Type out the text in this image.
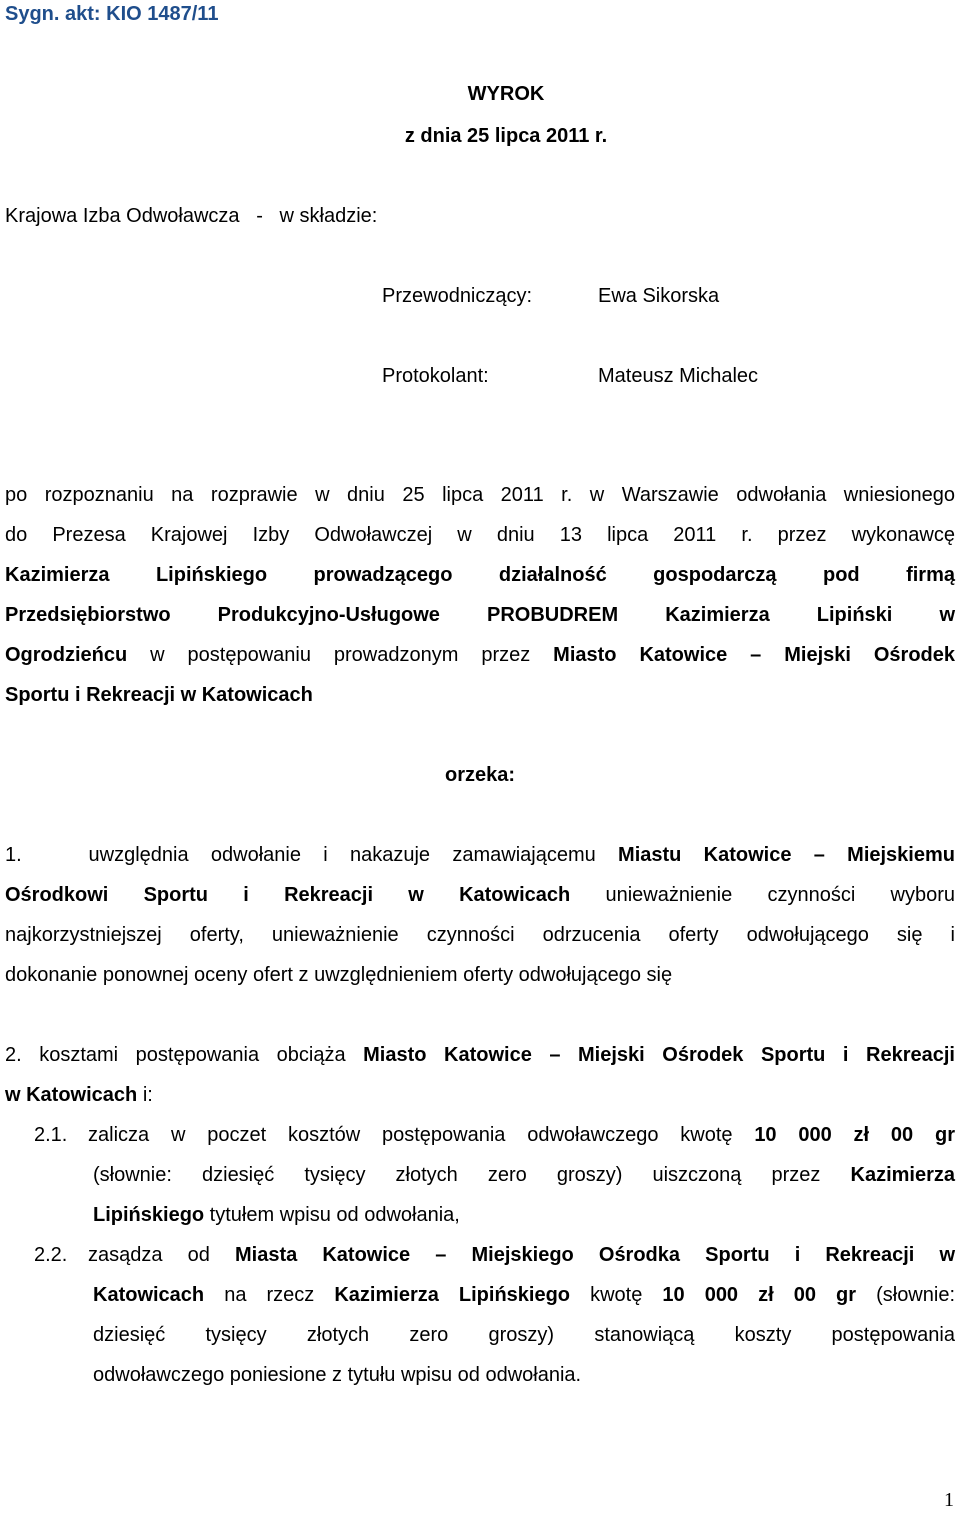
Sygn. akt: KIO 1487/11
WYROK
z dnia 25 lipca 2011 r.
Krajowa Izba Odwoławcza   -   w składzie:
Przewodniczący:	Ewa Sikorska
Protokolant:	Mateusz Michalec
po rozpoznaniu na rozprawie w dniu 25 lipca 2011 r. w Warszawie odwołania wniesionego
do Prezesa Krajowej Izby Odwoławczej w dniu 13 lipca 2011 r. przez wykonawcę
Kazimierza Lipińskiego prowadzącego działalność gospodarczą pod firmą
Przedsiębiorstwo Produkcyjno-Usługowe PROBUDREM Kazimierza Lipiński w
Ogrodzieńcu w postępowaniu prowadzonym przez Miasto Katowice – Miejski Ośrodek
Sportu i Rekreacji w Katowicach
orzeka:
1.   uwzględnia odwołanie i nakazuje zamawiającemu Miastu Katowice – Miejskiemu
Ośrodkowi Sportu i Rekreacji w Katowicach unieważnienie czynności wyboru
najkorzystniejszej oferty, unieważnienie czynności odrzucenia oferty odwołującego się i
dokonanie ponownej oceny ofert z uwzględnieniem oferty odwołującego się
2. kosztami postępowania obciąża Miasto Katowice – Miejski Ośrodek Sportu i Rekreacji
w Katowicach i:
2.1. zalicza w poczet kosztów postępowania odwoławczego kwotę 10 000 zł 00 gr
(słownie: dziesięć tysięcy złotych zero groszy) uiszczoną przez Kazimierza
Lipińskiego tytułem wpisu od odwołania,
2.2. zasądza od Miasta Katowice – Miejskiego Ośrodka Sportu i Rekreacji w
Katowicach na rzecz Kazimierza Lipińskiego kwotę 10 000 zł 00 gr (słownie:
dziesięć tysięcy złotych zero groszy) stanowiącą koszty postępowania
odwoławczego poniesione z tytułu wpisu od odwołania.
1
